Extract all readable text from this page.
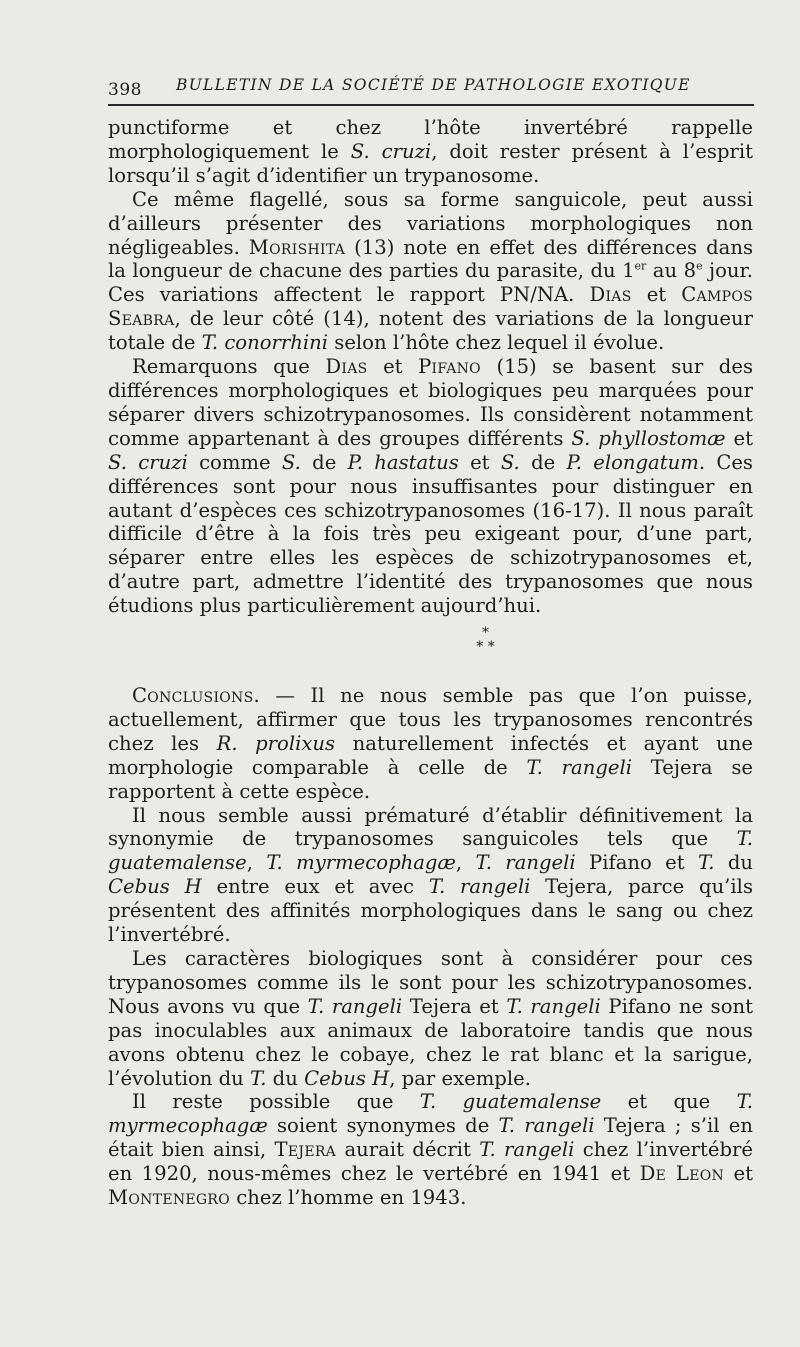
398 BULLETIN DE LA SOCIÉTÉ DE PATHOLOGIE EXOTIQUE

punctiforme et chez l’hôte invertébré rappelle morphologiquement le S. cruzi, doit rester présent à l’esprit lorsqu’il s’agit d’identifier un trypanosome.

Ce même flagellé, sous sa forme sanguicole, peut aussi d’ailleurs présenter des variations morphologiques non négligeables. Morishita (13) note en effet des différences dans la longueur de chacune des parties du parasite, du 1er au 8e jour. Ces variations affectent le rapport PN/NA. Dias et Campos Seabra, de leur côté (14), notent des variations de la longueur totale de T. conorrhini selon l’hôte chez lequel il évolue.

Remarquons que Dias et Pifano (15) se basent sur des différences morphologiques et biologiques peu marquées pour séparer divers schizotrypanosomes. Ils considèrent notamment comme appartenant à des groupes différents S. phyllostomæ et S. cruzi comme S. de P. hastatus et S. de P. elongatum. Ces différences sont pour nous insuffisantes pour distinguer en autant d’espèces ces schizotrypanosomes (16-17). Il nous paraît difficile d’être à la fois très peu exigeant pour, d’une part, séparer entre elles les espèces de schizotrypanosomes et, d’autre part, admettre l’identité des trypanosomes que nous étudions plus particulièrement aujourd’hui.

*
* *

Conclusions. — Il ne nous semble pas que l’on puisse, actuellement, affirmer que tous les trypanosomes rencontrés chez les R. prolixus naturellement infectés et ayant une morphologie comparable à celle de T. rangeli Tejera se rapportent à cette espèce.

Il nous semble aussi prématuré d’établir définitivement la synonymie de trypanosomes sanguicoles tels que T. guatemalense, T. myrmecophagæ, T. rangeli Pifano et T. du Cebus H entre eux et avec T. rangeli Tejera, parce qu’ils présentent des affinités morphologiques dans le sang ou chez l’invertébré.

Les caractères biologiques sont à considérer pour ces trypanosomes comme ils le sont pour les schizotrypanosomes. Nous avons vu que T. rangeli Tejera et T. rangeli Pifano ne sont pas inoculables aux animaux de laboratoire tandis que nous avons obtenu chez le cobaye, chez le rat blanc et la sarigue, l’évolution du T. du Cebus H, par exemple.

Il reste possible que T. guatemalense et que T. myrmecophagæ soient synonymes de T. rangeli Tejera ; s’il en était bien ainsi, Tejera aurait décrit T. rangeli chez l’invertébré en 1920, nous-mêmes chez le vertébré en 1941 et De Leon et Montenegro chez l’homme en 1943.
